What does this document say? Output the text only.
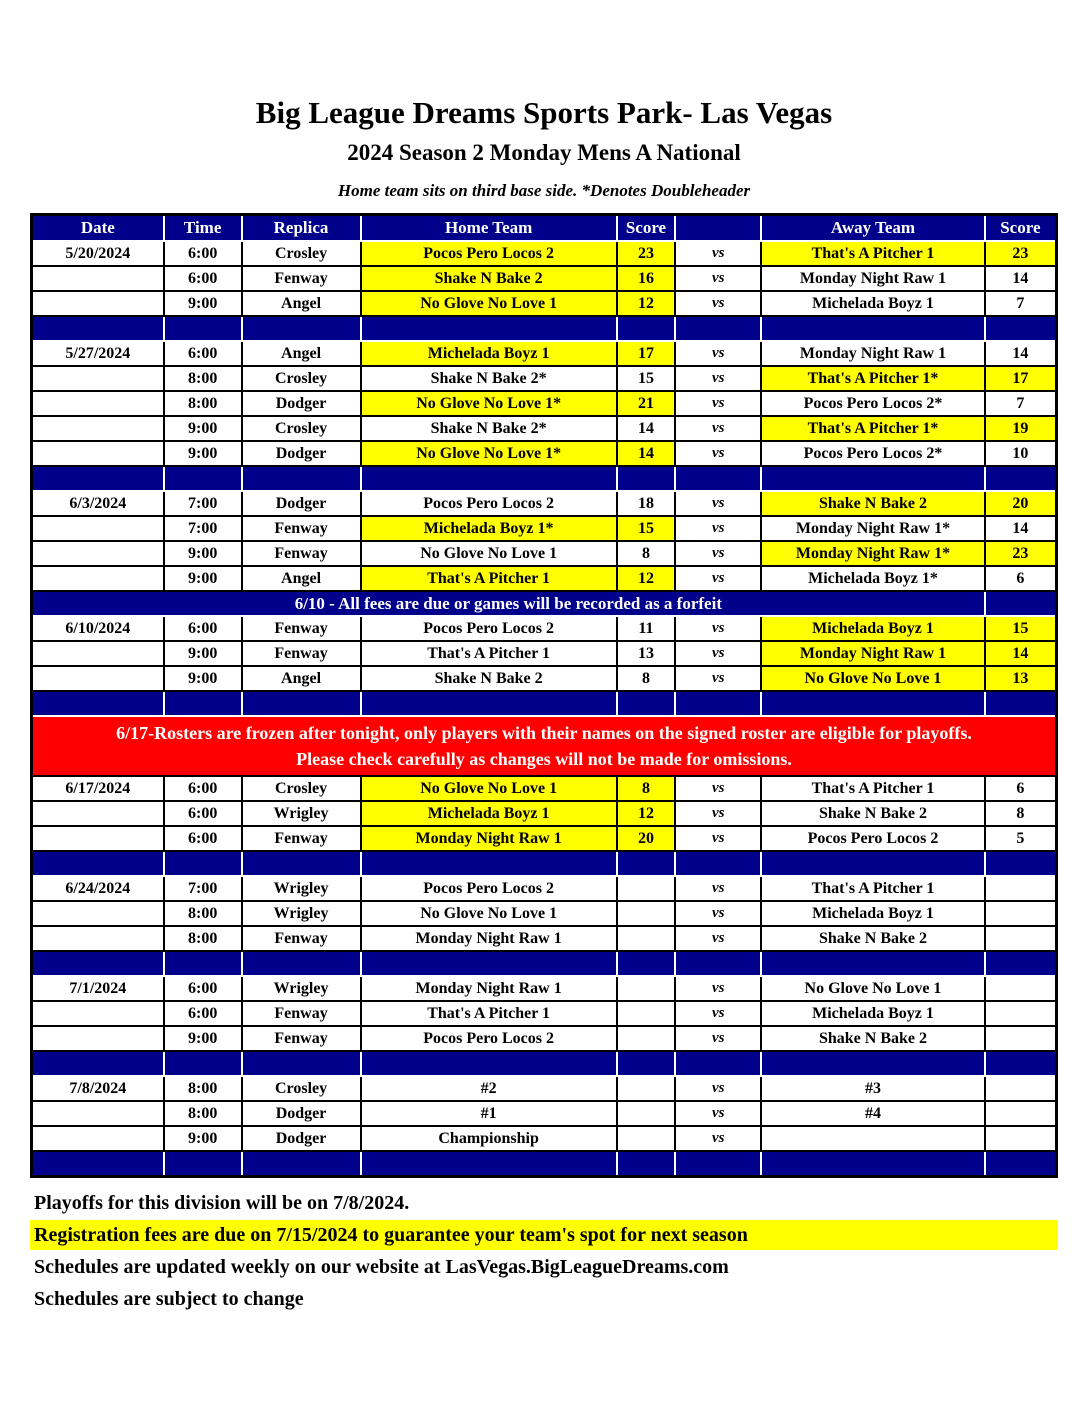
Big League Dreams Sports Park- Las Vegas
2024 Season 2 Monday Mens A National
Home team sits on third base side. *Denotes Doubleheader
Date	Time	Replica	Home Team	Score		Away Team	Score
5/20/2024	6:00	Crosley	Pocos Pero Locos 2	23	vs	That's A Pitcher 1	23
	6:00	Fenway	Shake N Bake 2	16	vs	Monday Night Raw 1	14
	9:00	Angel	No Glove No Love 1	12	vs	Michelada Boyz 1	7

5/27/2024	6:00	Angel	Michelada Boyz 1	17	vs	Monday Night Raw 1	14
	8:00	Crosley	Shake N Bake 2*	15	vs	That's A Pitcher 1*	17
	8:00	Dodger	No Glove No Love 1*	21	vs	Pocos Pero Locos 2*	7
	9:00	Crosley	Shake N Bake 2*	14	vs	That's A Pitcher 1*	19
	9:00	Dodger	No Glove No Love 1*	14	vs	Pocos Pero Locos 2*	10

6/3/2024	7:00	Dodger	Pocos Pero Locos 2	18	vs	Shake N Bake 2	20
	7:00	Fenway	Michelada Boyz 1*	15	vs	Monday Night Raw 1*	14
	9:00	Fenway	No Glove No Love 1	8	vs	Monday Night Raw 1*	23
	9:00	Angel	That's A Pitcher 1	12	vs	Michelada Boyz 1*	6
6/10 - All fees are due or games will be recorded as a forfeit							
6/10/2024	6:00	Fenway	Pocos Pero Locos 2	11	vs	Michelada Boyz 1	15
	9:00	Fenway	That's A Pitcher 1	13	vs	Monday Night Raw 1	14
	9:00	Angel	Shake N Bake 2	8	vs	No Glove No Love 1	13

6/17-Rosters are frozen after tonight, only players with their names on the signed roster are eligible for playoffs.
Please check carefully as changes will not be made for omissions.							

6/17/2024	6:00	Crosley	No Glove No Love 1	8	vs	That's A Pitcher 1	6
	6:00	Wrigley	Michelada Boyz 1	12	vs	Shake N Bake 2	8
	6:00	Fenway	Monday Night Raw 1	20	vs	Pocos Pero Locos 2	5

6/24/2024	7:00	Wrigley	Pocos Pero Locos 2		vs	That's A Pitcher 1	
	8:00	Wrigley	No Glove No Love 1		vs	Michelada Boyz 1	
	8:00	Fenway	Monday Night Raw 1		vs	Shake N Bake 2	

7/1/2024	6:00	Wrigley	Monday Night Raw 1		vs	No Glove No Love 1	
	6:00	Fenway	That's A Pitcher 1		vs	Michelada Boyz 1	
	9:00	Fenway	Pocos Pero Locos 2		vs	Shake N Bake 2	

7/8/2024	8:00	Crosley	#2		vs	#3	
	8:00	Dodger	#1		vs	#4	
	9:00	Dodger	Championship		vs		

Playoffs for this division will be on 7/8/2024.
Registration fees are due on 7/15/2024 to guarantee your team's spot for next season
Schedules are updated weekly on our website at LasVegas.BigLeagueDreams.com
Schedules are subject to change
